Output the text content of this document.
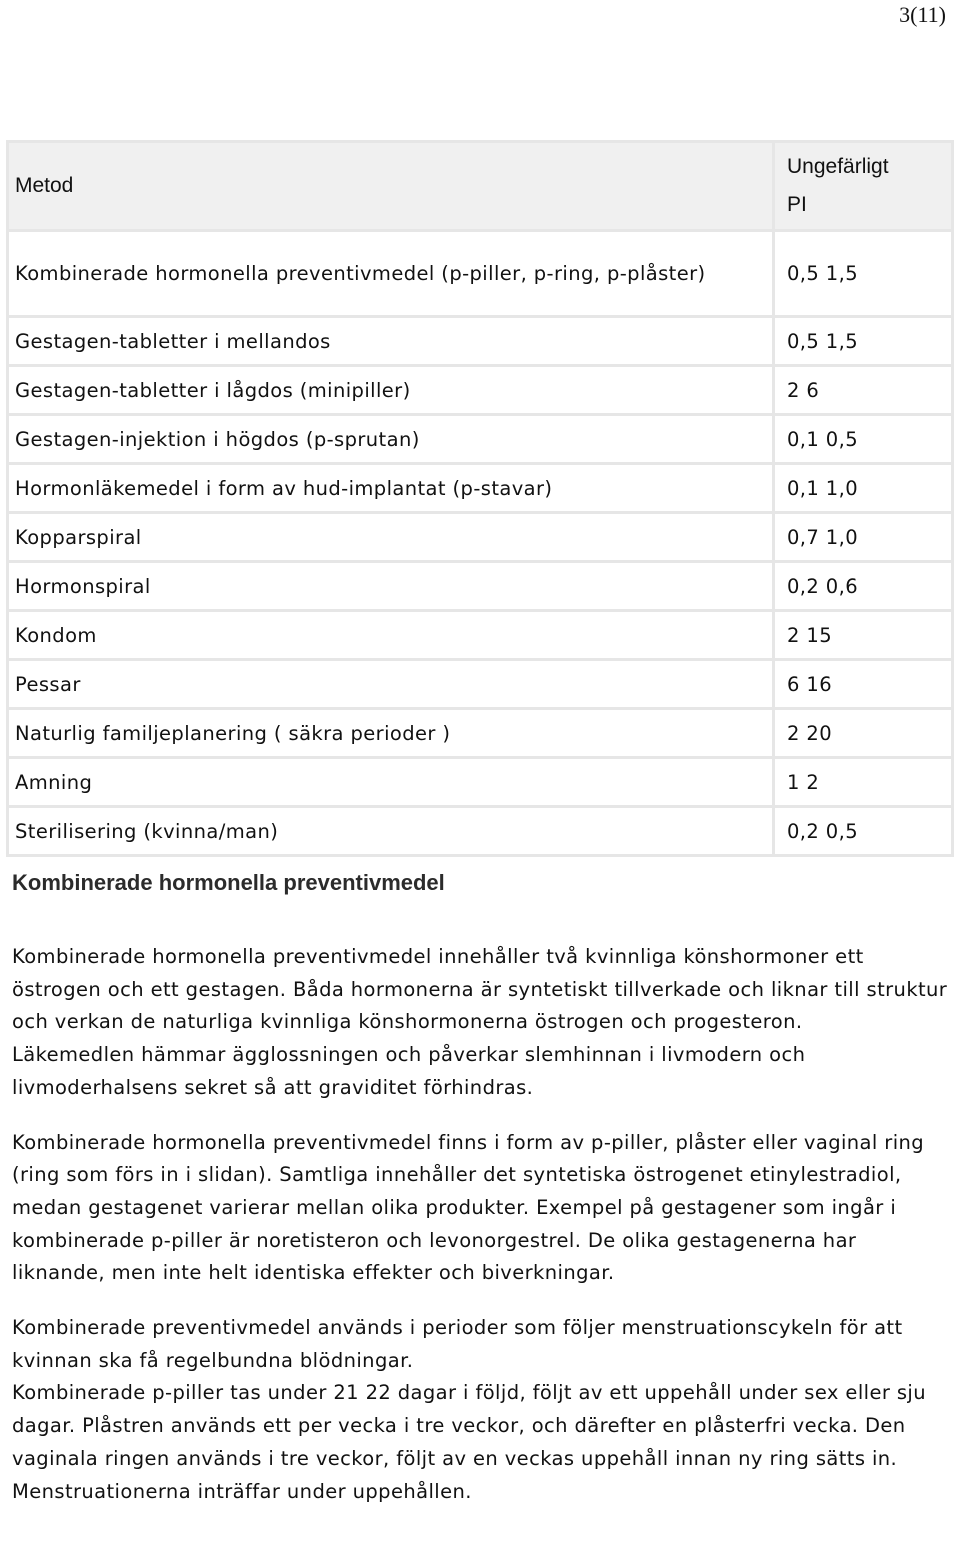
3(11)
Metod	Ungefärligt
PI
Kombinerade hormonella preventivmedel (p-piller, p-ring, p-plåster)	0,5 1,5
Gestagen-tabletter i mellandos	0,5 1,5
Gestagen-tabletter i lågdos (minipiller)	2 6
Gestagen-injektion i högdos (p-sprutan)	0,1 0,5
Hormonläkemedel i form av hud-implantat (p-stavar)	0,1 1,0
Kopparspiral	0,7 1,0
Hormonspiral	0,2 0,6
Kondom	2 15
Pessar	6 16
Naturlig familjeplanering ( säkra perioder )	2 20
Amning	1 2
Sterilisering (kvinna/man)	0,2 0,5
Kombinerade hormonella preventivmedel

Kombinerade hormonella preventivmedel innehåller två kvinnliga könshormoner ett östrogen och ett gestagen. Båda hormonerna är syntetiskt tillverkade och liknar till struktur och verkan de naturliga kvinnliga könshormonerna östrogen och progesteron.

Läkemedlen hämmar ägglossningen och påverkar slemhinnan i livmodern och livmoderhalsens sekret så att graviditet förhindras.

Kombinerade hormonella preventivmedel finns i form av p-piller, plåster eller vaginal ring (ring som förs in i slidan). Samtliga innehåller det syntetiska östrogenet etinylestradiol, medan gestagenet varierar mellan olika produkter. Exempel på gestagener som ingår i kombinerade p-piller är noretisteron och levonorgestrel. De olika gestagenerna har liknande, men inte helt identiska effekter och biverkningar.

Kombinerade preventivmedel används i perioder som följer menstruationscykeln för att kvinnan ska få regelbundna blödningar.

Kombinerade p-piller tas under 21 22 dagar i följd, följt av ett uppehåll under sex eller sju dagar. Plåstren används ett per vecka i tre veckor, och därefter en plåsterfri vecka. Den vaginala ringen används i tre veckor, följt av en veckas uppehåll innan ny ring sätts in. Menstruationerna inträffar under uppehållen.
